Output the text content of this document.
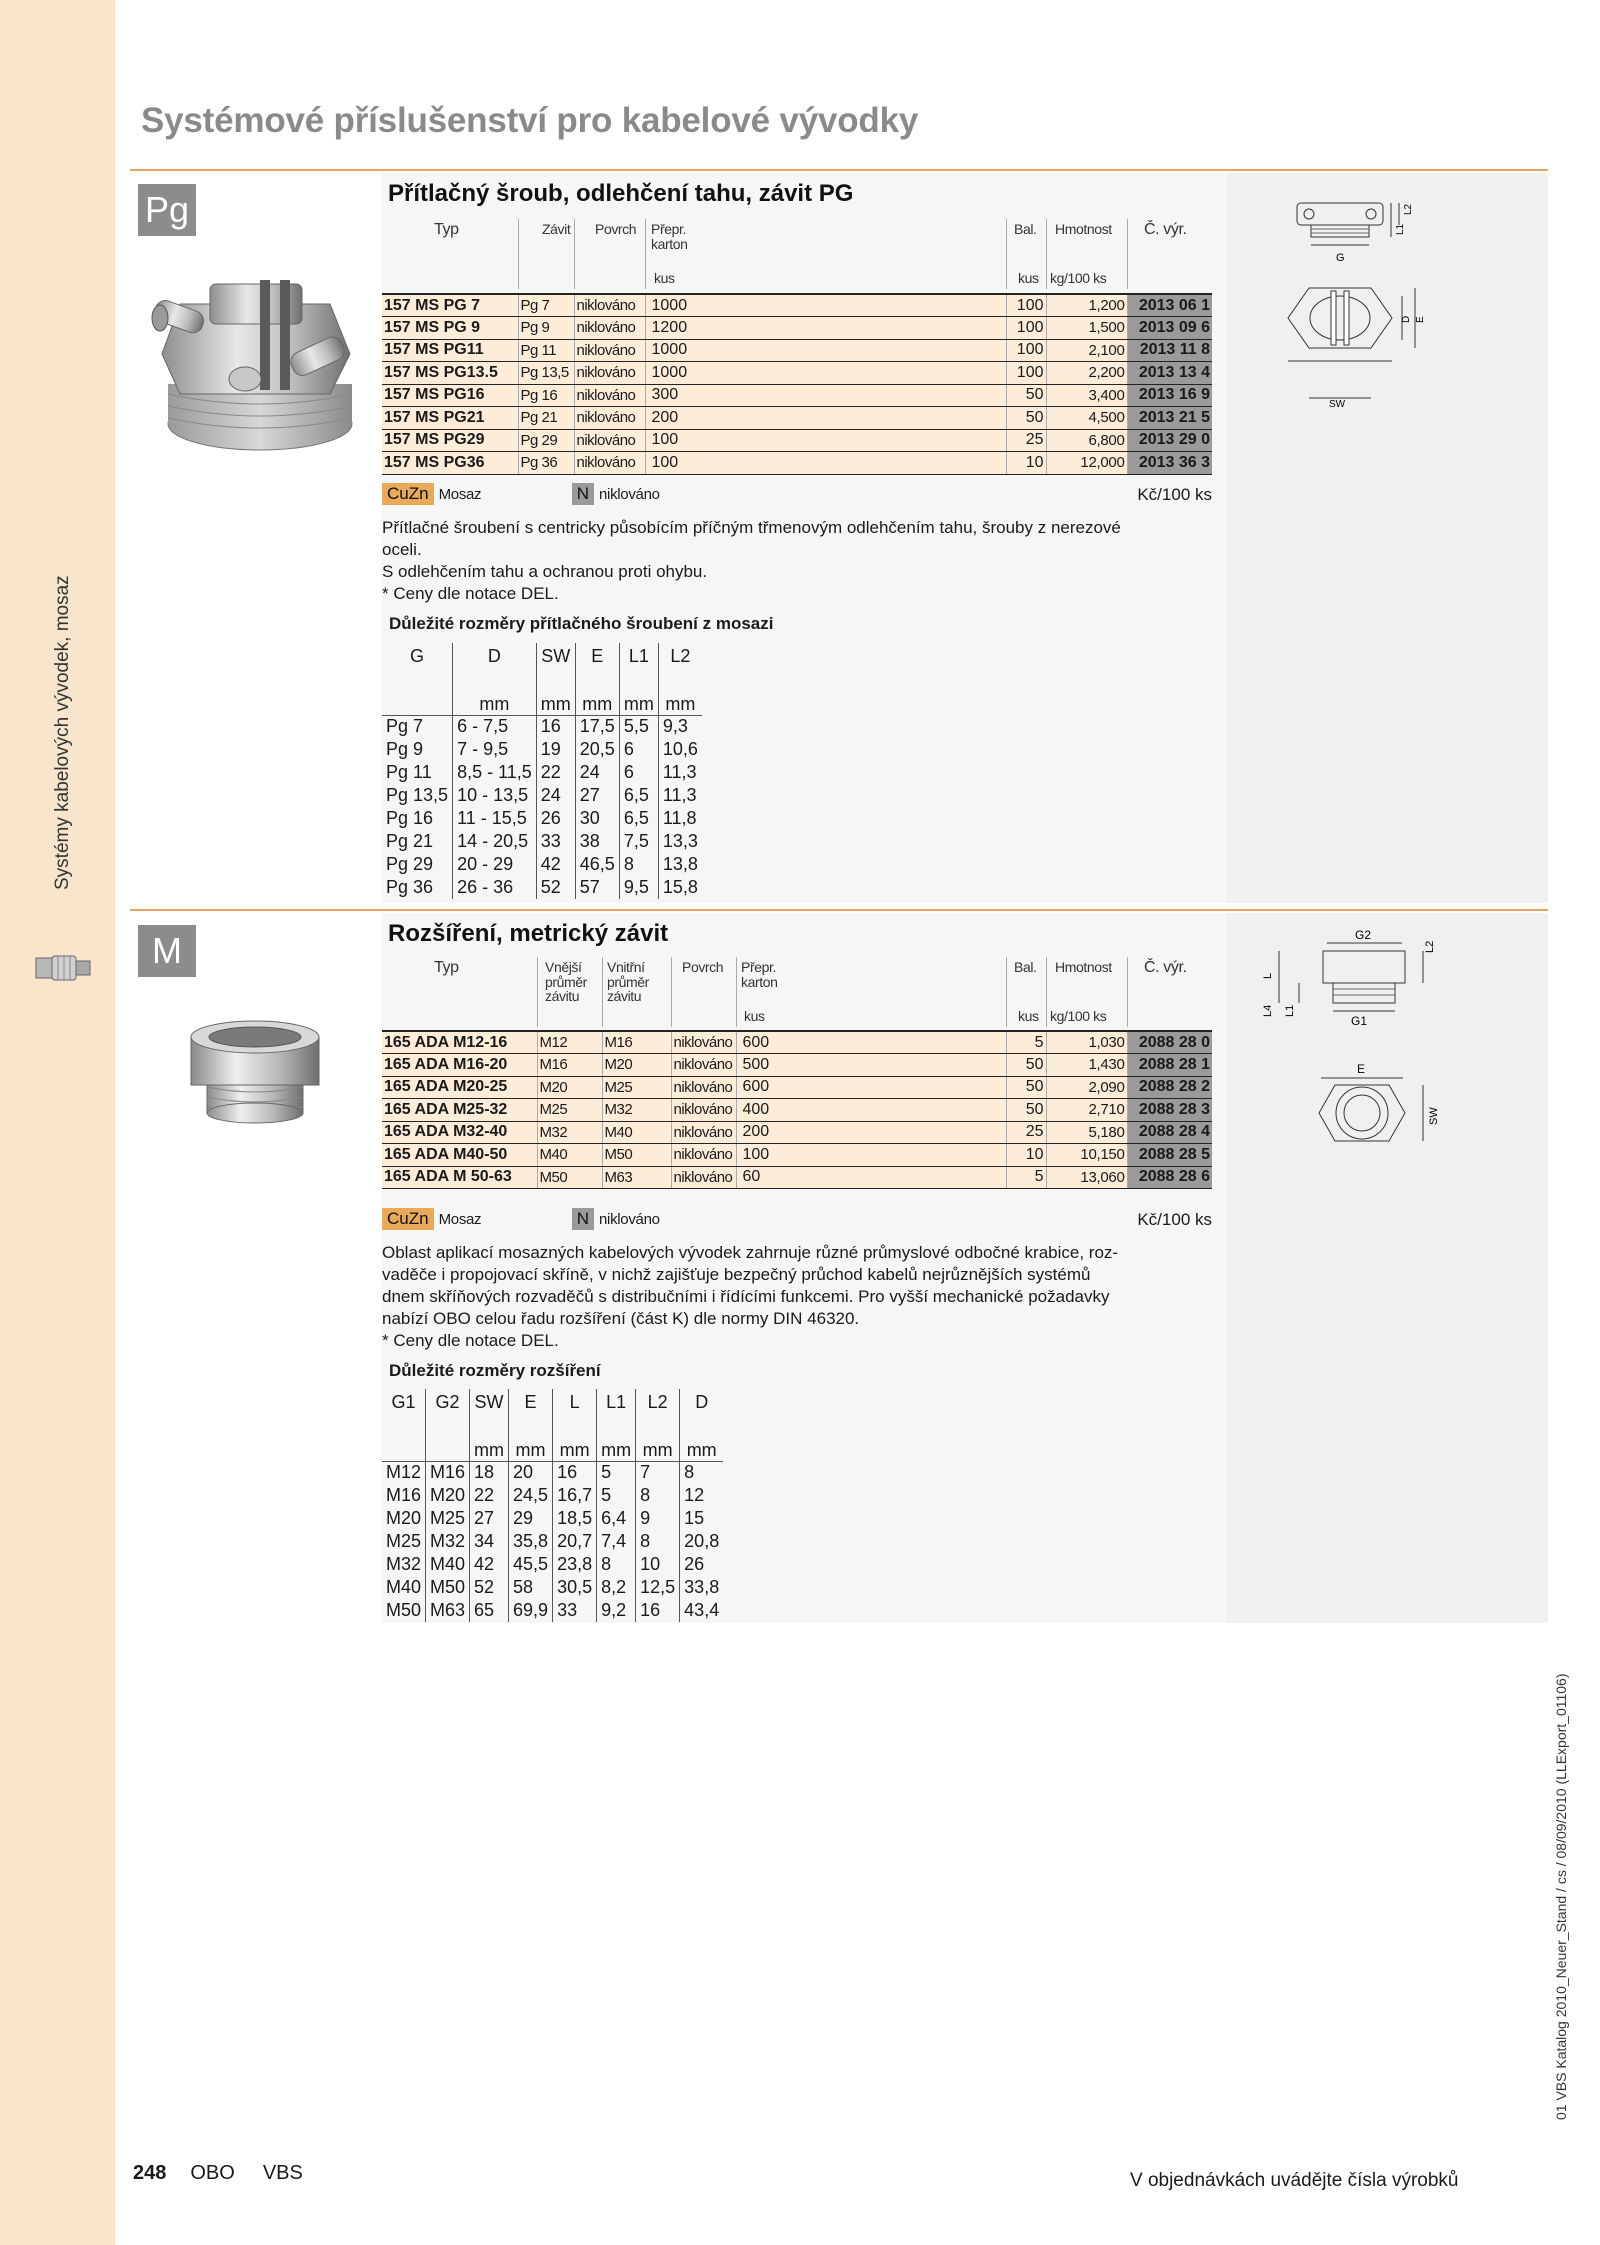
Systémy kabelových vývodek, mosaz
01 VBS Katalog 2010_Neuer_Stand / cs / 08/09/2010 (LLExport_01106)
Systémové příslušenství pro kabelové vývodky
Pg	Přítlačný šroub, odlehčení tahu, závit PG
Typ	Závit Povrch Přepr. karton
kus
Bal.
kus
Hmotnost
kg/100 ks
Č. výr.
157 MS PG 7	Pg 7	niklováno	1000	100	1,200	2013 06 1
157 MS PG 9	Pg 9	niklováno	1200	100	1,500	2013 09 6
157 MS PG11	Pg 11	niklováno	1000	100	2,100	2013 11 8
157 MS PG13.5	Pg 13,5	niklováno	1000	100	2,200	2013 13 4
157 MS PG16	Pg 16	niklováno	300	50	3,400	2013 16 9
157 MS PG21	Pg 21	niklováno	200	50	4,500	2013 21 5
157 MS PG29	Pg 29	niklováno	100	25	6,800	2013 29 0
157 MS PG36	Pg 36	niklováno	100	10	12,000	2013 36 3
CuZn Mosaz	N niklováno	Kč/100 ks
Přítlačné šroubení s centricky působícím příčným třmenovým odlehčením tahu, šrouby z nerezové
oceli.
S odlehčením tahu a ochranou proti ohybu.
* Ceny dle notace DEL.
Důležité rozměry přítlačného šroubení z mosazi
G	D	SW	E	L1	L2
	mm	mm	mm	mm	mm
Pg 7	6 - 7,5	16	17,5	5,5	9,3
Pg 9	7 - 9,5	19	20,5	6	10,6
Pg 11	8,5 - 11,5	22	24	6	11,3
Pg 13,5	10 - 13,5	24	27	6,5	11,3
Pg 16	11 - 15,5	26	30	6,5	11,8
Pg 21	14 - 20,5	33	38	7,5	13,3
Pg 29	20 - 29	42	46,5	8	13,8
Pg 36	26 - 36	52	57	9,5	15,8
L1
L2
G
D E
SW
M	Rozšíření, metrický závit
Typ	Vnější průměr závitu
Vnitřní průměr závitu
Povrch Přepr. karton
kus
Bal.
kus
Hmotnost
kg/100 ks
Č. výr.
165 ADA M12-16	M12	M16	niklováno	600	5	1,030	2088 28 0
165 ADA M16-20	M16	M20	niklováno	500	50	1,430	2088 28 1
165 ADA M20-25	M20	M25	niklováno	600	50	2,090	2088 28 2
165 ADA M25-32	M25	M32	niklováno	400	50	2,710	2088 28 3
165 ADA M32-40	M32	M40	niklováno	200	25	5,180	2088 28 4
165 ADA M40-50	M40	M50	niklováno	100	10	10,150	2088 28 5
165 ADA M 50-63	M50	M63	niklováno	60	5	13,060	2088 28 6
CuZn Mosaz	N niklováno	Kč/100 ks
Oblast aplikací mosazných kabelových vývodek zahrnuje různé průmyslové odbočné krabice, roz-
vaděče i propojovací skříně, v nichž zajišťuje bezpečný průchod kabelů nejrůznějších systémů
dnem skříňových rozvaděčů s distribučními i řídícími funkcemi. Pro vyšší mechanické požadavky
nabízí OBO celou řadu rozšíření (část K) dle normy DIN 46320.
* Ceny dle notace DEL.
Důležité rozměry rozšíření
G1	G2	SW	E	L	L1	L2	D
		mm	mm	mm	mm	mm	mm
M12	M16	18	20	16	5	7	8
M16	M20	22	24,5	16,7	5	8	12
M20	M25	27	29	18,5	6,4	9	15
M25	M32	34	35,8	20,7	7,4	8	20,8
M32	M40	42	45,5	23,8	8	10	26
M40	M50	52	58	30,5	8,2	12,5	33,8
M50	M63	65	69,9	33	9,2	16	43,4
G2
L2
L
L4 L1
G1
E
SW
248 OBO VBS	V objednávkách uvádějte čísla výrobků
